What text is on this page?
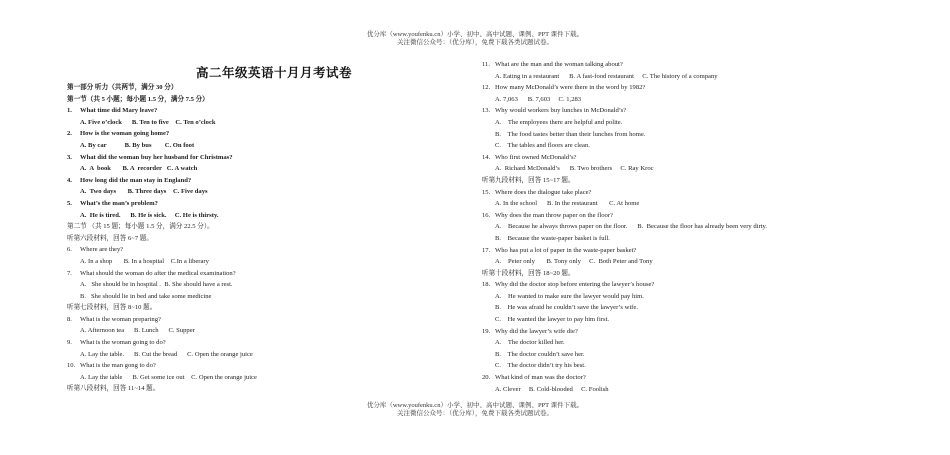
优分库（www.youfenku.cn）小学、初中、高中试题、课例、PPT 课件下载。
关注微信公众号：（优分库），免费下载各类试题试卷。
高二年级英语十月月考试卷
第一部分 听力（共两节，满分 30 分）
第一节（共 5 小题；每小题 1.5 分，满分 7.5 分）
1. What time did Mary leave?
A. Five o’clock      B. Ten to five    C. Ten o’clock
2. How is the woman going home?
A. By car           B. By bus        C. On foot
3. What did the woman buy her husband for Christmas?
A.  A  book       B. A  recorder   C. A watch
4. How long did the man stay in England?
A.  Two days       B. Three days    C. Five days
5. What’s the man’s problem?
A.  He is tired.      B. He is sick.     C. He is thirsty.
第二节 （共 15 题；每小题 1.5 分，满分 22.5 分）。
听第六段材料，回答 6~7 题。
6. Where are they?
A. In a shop       B. In a hospital    C.In a liberary
7. What should the woman do after the medical examination?
A.   She should be in hospital .  B. She should have a rest.
B.   She should lie in bed and take some medicine
听第七段材料，回答 8~10 题。
8. What is the woman preparing?
A. Afternoon tea      B. Lunch      C. Supper
9. What is the woman going to do?
A. Lay the table.      B. Cut the bread      C. Open the orange juice
10. What is the man gong to do?
A. Lay the table      B. Get some ice out    C. Open the orange juice
听第八段材料，回答 11~14 题。
11. What are the man and the woman talking about?
A. Eating in a restaurant      B. A fast-food restaurant     C. The history of a company
12. How many McDonald’s were there in the word by 1982?
A. 7,063      B. 7,603     C. 1,283
13. Why would workers buy lunches in McDonald’s?
A.    The employees there are helpful and polite.
B.    The food tastes better than their lunches from home.
C.    The tables and floors are clean.
14. Who first owned McDonald’s?
A.  Richard McDonald’s      B. Two brothers     C. Ray Kroc
听第九段材料，回答 15~17 题。
15. Where does the dialogue take place?
A. In the school      B. In the restaurant       C. At home
16. Why does the man throw paper on the floor?
A.    Because he always throws paper on the floor.      B.  Because the floor has already been very dirty.
B.    Because the waste-paper basket is full.
17. Who has put a lot of paper in the waste-paper basket?
A.    Peter only       B. Tony only     C.  Both Peter and Tony
听第十段材料，回答 18~20 题。
18. Why did the doctor stop before entering the lawyer’s house?
A.    He wanted to make sure the lawyer would pay him.
B.    He was afraid he couldn’t save the lawyer’s wife.
C.    He wanted the lawyer to pay him first.
19. Why did the lawyer’s wife die?
A.    The doctor killed her.
B.    The doctor couldn’t save her.
C.    The doctor didn’t try his best.
20. What kind of man was the doctor?
A. Clever     B. Cold-blooded     C. Foolish
优分库（www.youfenku.cn）小学、初中、高中试题、课例、PPT 课件下载。
关注微信公众号：（优分库），免费下载各类试题试卷。
